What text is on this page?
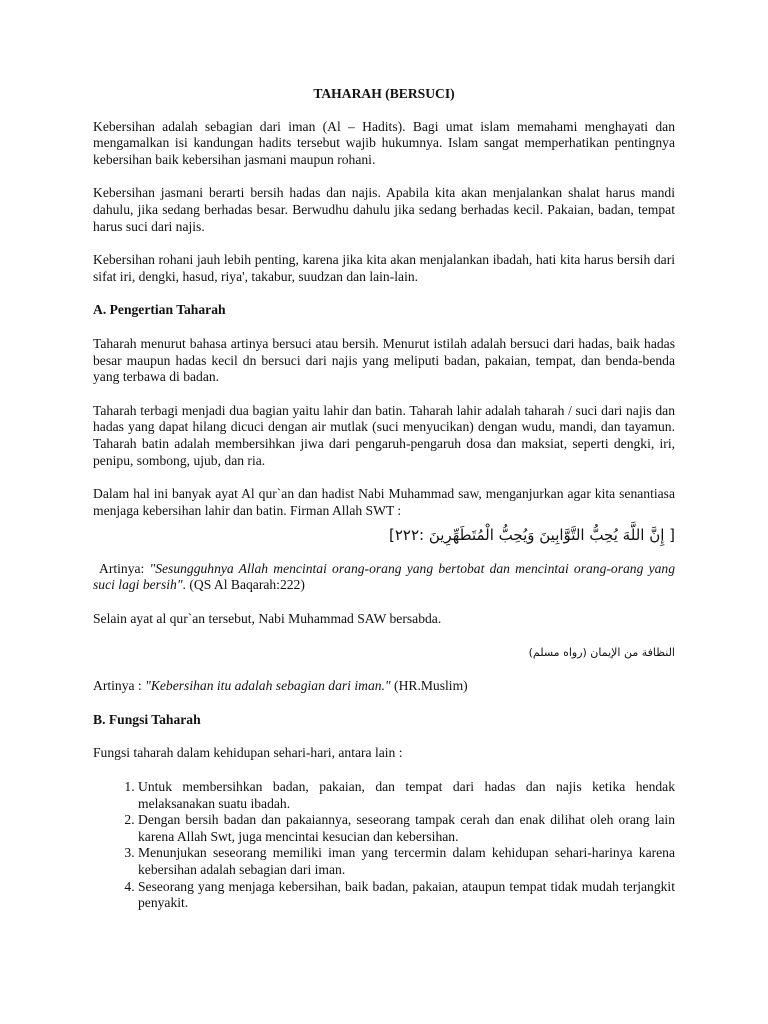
TAHARAH (BERSUCI)

Kebersihan adalah sebagian dari iman (Al – Hadits). Bagi umat islam memahami menghayati dan mengamalkan isi kandungan hadits tersebut wajib hukumnya. Islam sangat memperhatikan pentingnya kebersihan baik kebersihan jasmani maupun rohani.

Kebersihan jasmani berarti bersih hadas dan najis. Apabila kita akan menjalankan shalat harus mandi dahulu, jika sedang berhadas besar. Berwudhu dahulu jika sedang berhadas kecil. Pakaian, badan, tempat harus suci dari najis.

Kebersihan rohani jauh lebih penting, karena jika kita akan menjalankan ibadah, hati kita harus bersih dari sifat iri, dengki, hasud, riya', takabur, suudzan dan lain-lain.

A. Pengertian Taharah

Taharah menurut bahasa artinya bersuci atau bersih. Menurut istilah adalah bersuci dari hadas, baik hadas besar maupun hadas kecil dn bersuci dari najis yang meliputi badan, pakaian, tempat, dan benda-benda yang terbawa di badan.

Taharah terbagi menjadi dua bagian yaitu lahir dan batin. Taharah lahir adalah taharah / suci dari najis dan hadas yang dapat hilang dicuci dengan air mutlak (suci menyucikan) dengan wudu, mandi, dan tayamun. Taharah batin adalah membersihkan jiwa dari pengaruh-pengaruh dosa dan maksiat, seperti dengki, iri, penipu, sombong, ujub, dan ria.

Dalam hal ini banyak ayat Al qur`an dan hadist Nabi Muhammad saw, menganjurkan agar kita senantiasa menjaga kebersihan lahir dan batin. Firman Allah SWT :

[ إِنَّ اللَّهَ يُحِبُّ التَّوَّابِينَ وَيُحِبُّ الْمُتَطَهِّرِينَ :٢٢٢]

Artinya: "Sesungguhnya Allah mencintai orang-orang yang bertobat dan mencintai orang-orang yang suci lagi bersih". (QS Al Baqarah:222)

Selain ayat al qur`an tersebut, Nabi Muhammad SAW bersabda.

النظافة من الإيمان (رواه مسلم)

Artinya : "Kebersihan itu adalah sebagian dari iman." (HR.Muslim)

B. Fungsi Taharah

Fungsi taharah dalam kehidupan sehari-hari, antara lain :

1. Untuk membersihkan badan, pakaian, dan tempat dari hadas dan najis ketika hendak melaksanakan suatu ibadah.
2. Dengan bersih badan dan pakaiannya, seseorang tampak cerah dan enak dilihat oleh orang lain karena Allah Swt, juga mencintai kesucian dan kebersihan.
3. Menunjukan seseorang memiliki iman yang tercermin dalam kehidupan sehari-harinya karena kebersihan adalah sebagian dari iman.
4. Seseorang yang menjaga kebersihan, baik badan, pakaian, ataupun tempat tidak mudah terjangkit penyakit.
